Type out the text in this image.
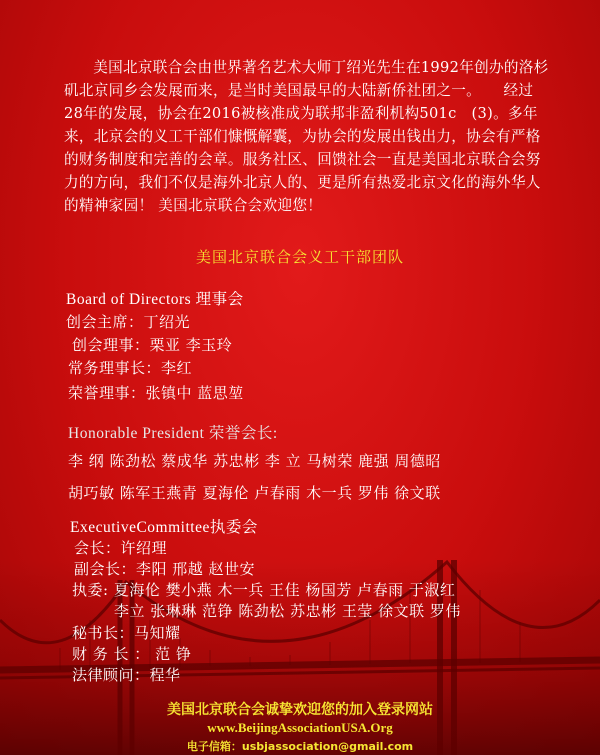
美国北京联合会由世界著名艺术大师丁绍光先生在1992年创办的洛杉矶北京同乡会发展而来，是当时美国最早的大陆新侨社团之一。　　经过28年的发展，协会在2016被核准成为联邦非盈利机构501c　(3)。多年来，北京会的义工干部们慷慨解囊，为协会的发展出钱出力，协会有严格的财务制度和完善的会章。服务社区、回馈社会一直是美国北京联合会努力的方向，我们不仅是海外北京人的、更是所有热爱北京文化的海外华人的精神家园！ 美国北京联合会欢迎您！
美国北京联合会义工干部团队
Board of Directors 理事会
创会主席：丁绍光
创会理事：栗亚 李玉玲
常务理事长：李红
荣誉理事：张镇中 蓝思堃
Honorable President 荣誉会长:
李 纲 陈劲松 蔡成华 苏忠彬 李 立 马树荣 鹿强 周德昭
胡巧敏 陈军王燕青 夏海伦 卢春雨 木一兵 罗伟 徐文联
ExecutiveCommittee执委会
会长：许绍理
副会长：李阳 邢越 赵世安
执委: 夏海伦 樊小燕 木一兵 王佳 杨国芳 卢春雨 于淑红
李立 张琳琳 范铮 陈劲松 苏忠彬 王莹 徐文联 罗伟
秘书长：马知耀
财 务 长 ： 范 铮
法律顾问：程华
美国北京联合会诚挚欢迎您的加入登录网站
www.BeijingAssociationUSA.Org
电子信箱：usbjassociation@gmail.com
